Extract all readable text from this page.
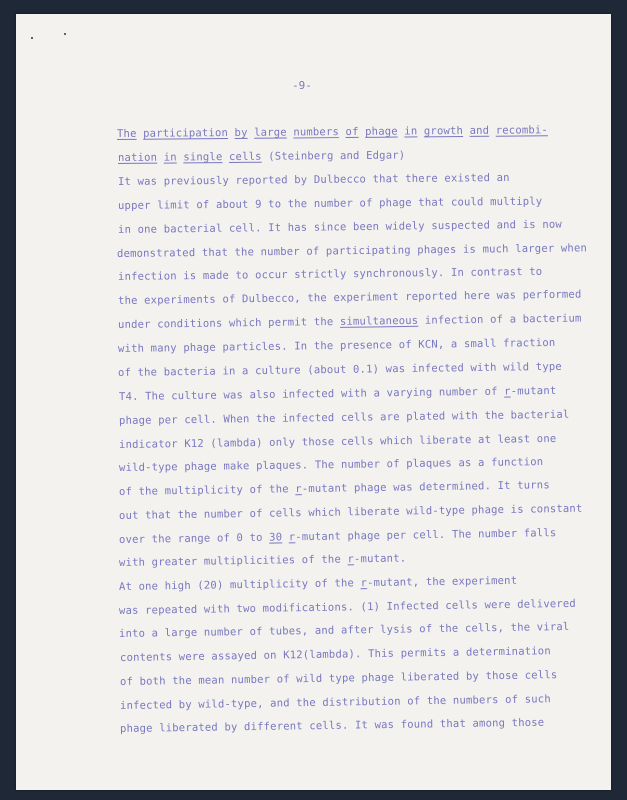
-9-
The participation by large numbers of phage in growth and recombi-
nation in single cells (Steinberg and Edgar)
It was previously reported by Dulbecco that there existed an
upper limit of about 9 to the number of phage that could multiply
in one bacterial cell. It has since been widely suspected and is now
demonstrated that the number of participating phages is much larger when
infection is made to occur strictly synchronously. In contrast to
the experiments of Dulbecco, the experiment reported here was performed
under conditions which permit the simultaneous infection of a bacterium
with many phage particles. In the presence of KCN, a small fraction
of the bacteria in a culture (about 0.1) was infected with wild type
T4. The culture was also infected with a varying number of r-mutant
phage per cell. When the infected cells are plated with the bacterial
indicator K12 (lambda) only those cells which liberate at least one
wild-type phage make plaques. The number of plaques as a function
of the multiplicity of the r-mutant phage was determined. It turns
out that the number of cells which liberate wild-type phage is constant
over the range of 0 to 30 r-mutant phage per cell. The number falls
with greater multiplicities of the r-mutant.
At one high (20) multiplicity of the r-mutant, the experiment
was repeated with two modifications. (1) Infected cells were delivered
into a large number of tubes, and after lysis of the cells, the viral
contents were assayed on K12(lambda). This permits a determination
of both the mean number of wild type phage liberated by those cells
infected by wild-type, and the distribution of the numbers of such
phage liberated by different cells. It was found that among those
